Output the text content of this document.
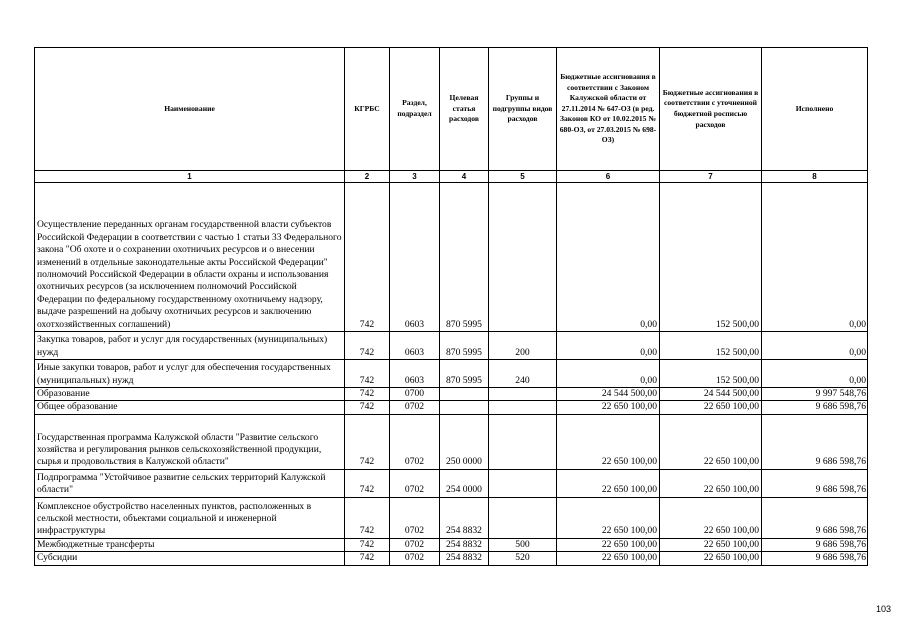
Наименование	КГРБС	Раздел, подраздел	Целевая статья расходов	Группы и подгруппы видов расходов	Бюджетные ассигнования в соответствии с Законом Калужской области от 27.11.2014 № 647-ОЗ (в ред. Законов КО от 10.02.2015 № 680-ОЗ, от 27.03.2015 № 698-ОЗ)	Бюджетные ассигнования в соответствии с уточненной бюджетной росписью расходов	Исполнено
1	2	3	4	5	6	7	8
Осуществление переданных органам государственной власти субъектов Российской Федерации в соответствии с частью 1 статьи 33 Федерального закона "Об охоте и о сохранении охотничьих ресурсов и о внесении изменений в отдельные законодательные акты Российской Федерации" полномочий Российской Федерации в области охраны и использования охотничьих ресурсов (за исключением полномочий Российской Федерации по федеральному государственному охотничьему надзору, выдаче разрешений на добычу охотничьих ресурсов и заключению охотхозяйственных соглашений)	742	0603	870 5995		0,00	152 500,00	0,00
Закупка товаров, работ и услуг для государственных (муниципальных) нужд	742	0603	870 5995	200	0,00	152 500,00	0,00
Иные закупки товаров, работ и услуг для обеспечения государственных (муниципальных) нужд	742	0603	870 5995	240	0,00	152 500,00	0,00
Образование	742	0700			24 544 500,00	24 544 500,00	9 997 548,76
Общее образование	742	0702			22 650 100,00	22 650 100,00	9 686 598,76
Государственная программа Калужской области "Развитие сельского хозяйства и регулирования рынков сельскохозяйственной продукции, сырья и продовольствия в Калужской области"	742	0702	250 0000		22 650 100,00	22 650 100,00	9 686 598,76
Подпрограмма "Устойчивое развитие сельских территорий Калужской области"	742	0702	254 0000		22 650 100,00	22 650 100,00	9 686 598,76
Комплексное обустройство населенных пунктов, расположенных в сельской местности, объектами социальной и инженерной инфраструктуры	742	0702	254 8832		22 650 100,00	22 650 100,00	9 686 598,76
Межбюджетные трансферты	742	0702	254 8832	500	22 650 100,00	22 650 100,00	9 686 598,76
Субсидии	742	0702	254 8832	520	22 650 100,00	22 650 100,00	9 686 598,76
103
